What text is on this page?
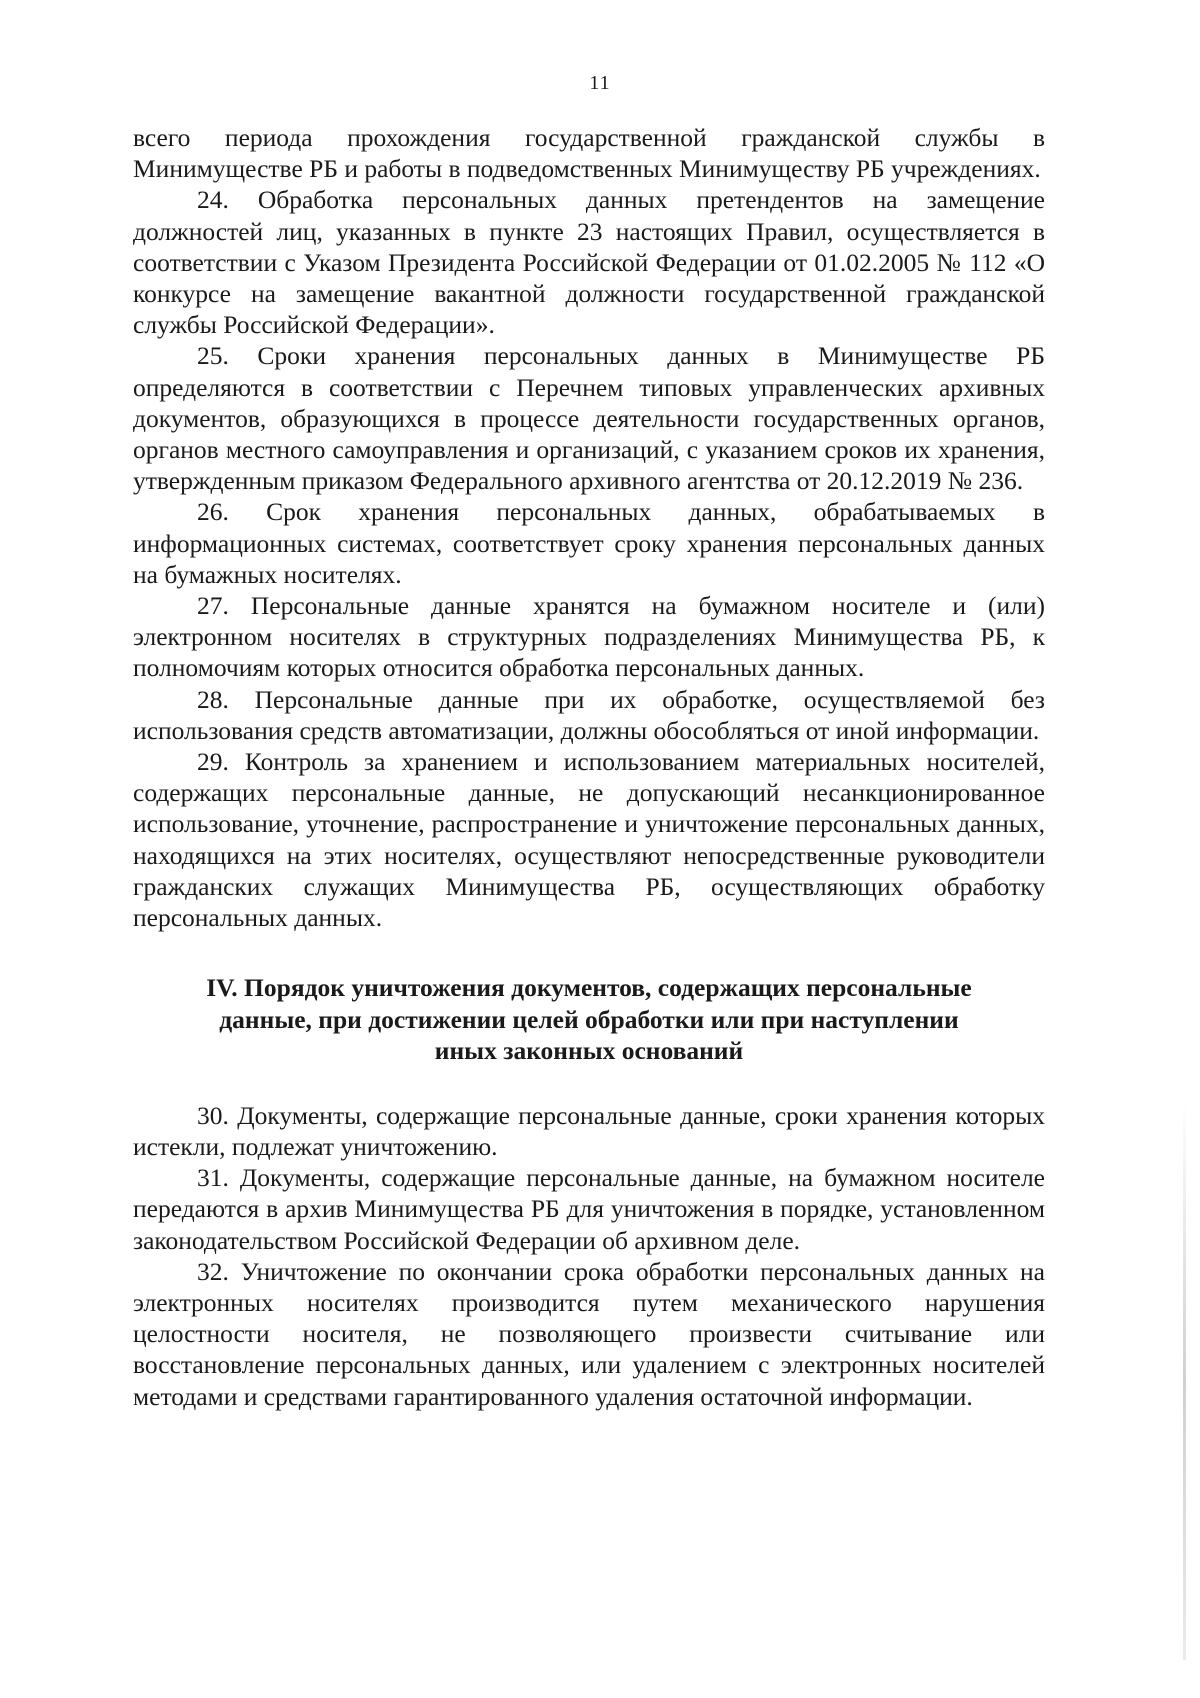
11

всего периода прохождения государственной гражданской службы в Минимуществе РБ и работы в подведомственных Минимуществу РБ учреждениях.

24. Обработка персональных данных претендентов на замещение должностей лиц, указанных в пункте 23 настоящих Правил, осуществляется в соответствии с Указом Президента Российской Федерации от 01.02.2005 № 112 «О конкурсе на замещение вакантной должности государственной гражданской службы Российской Федерации».

25. Сроки хранения персональных данных в Минимуществе РБ определяются в соответствии с Перечнем типовых управленческих архивных документов, образующихся в процессе деятельности государственных органов, органов местного самоуправления и организаций, с указанием сроков их хранения, утвержденным приказом Федерального архивного агентства от 20.12.2019 № 236.

26. Срок хранения персональных данных, обрабатываемых в информационных системах, соответствует сроку хранения персональных данных на бумажных носителях.

27. Персональные данные хранятся на бумажном носителе и (или) электронном носителях в структурных подразделениях Минимущества РБ, к полномочиям которых относится обработка персональных данных.

28. Персональные данные при их обработке, осуществляемой без использования средств автоматизации, должны обособляться от иной информации.

29. Контроль за хранением и использованием материальных носителей, содержащих персональные данные, не допускающий несанкционированное использование, уточнение, распространение и уничтожение персональных данных, находящихся на этих носителях, осуществляют непосредственные руководители гражданских служащих Минимущества РБ, осуществляющих обработку персональных данных.

IV. Порядок уничтожения документов, содержащих персональные
данные, при достижении целей обработки или при наступлении
иных законных оснований

30. Документы, содержащие персональные данные, сроки хранения которых истекли, подлежат уничтожению.

31. Документы, содержащие персональные данные, на бумажном носителе передаются в архив Минимущества РБ для уничтожения в порядке, установленном законодательством Российской Федерации об архивном деле.

32. Уничтожение по окончании срока обработки персональных данных на электронных носителях производится путем механического нарушения целостности носителя, не позволяющего произвести считывание или восстановление персональных данных, или удалением с электронных носителей методами и средствами гарантированного удаления остаточной информации.
